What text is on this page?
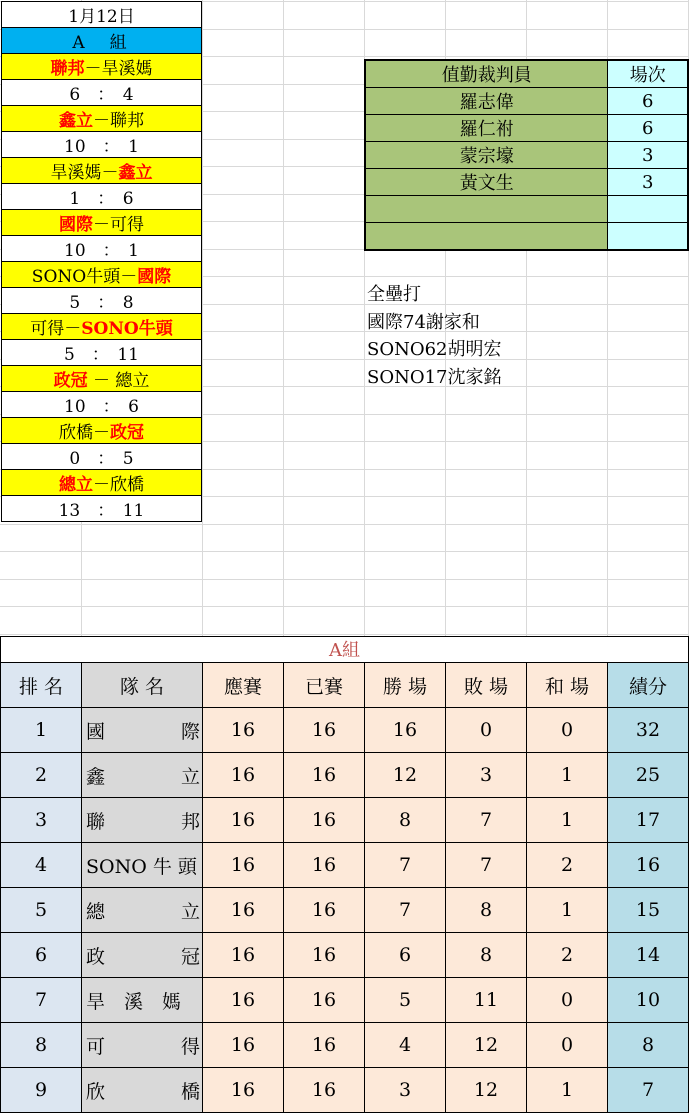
1月12日
A　組
聯邦 － 旱溪媽
6　：　4
鑫立 － 聯邦
10　：　1
旱溪媽 － 鑫立
1　：　6
國際 － 可得
10　：　1
SONO牛頭 － 國際
5　：　8
可得 － SONO牛頭
5　：　11
政冠 － 總立
10　：　6
欣橋 － 政冠
0　：　5
總立 － 欣橋
13　：　11
值勤裁判員	場次
羅志偉	6
羅仁祔	6
蒙宗壕	3
黃文生	3

全壘打
國際74謝家和
SONO62胡明宏
SONO17沈家銘
A組
排 名	隊 名	應賽	已賽	勝 場	敗 場	和 場	績分
1	國 際	16	16	16	0	0	32
2	鑫 立	16	16	12	3	1	25
3	聯 邦	16	16	8	7	1	17
4	SONO 牛 頭	16	16	7	7	2	16
5	總 立	16	16	7	8	1	15
6	政 冠	16	16	6	8	2	14
7	旱　溪　媽	16	16	5	11	0	10
8	可 得	16	16	4	12	0	8
9	欣 橋	16	16	3	12	1	7
